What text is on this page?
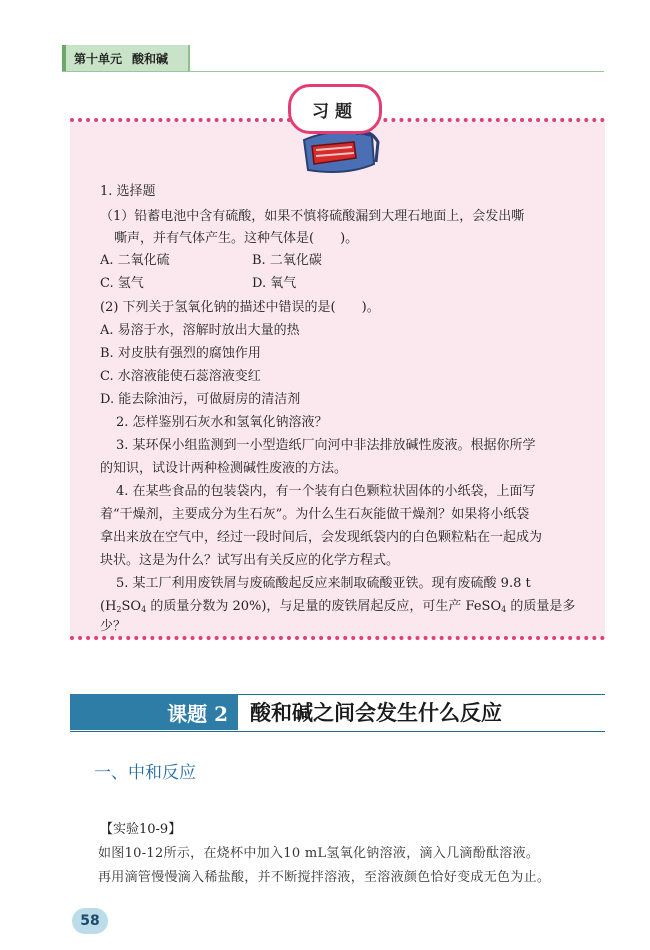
第十单元 酸和碱
习题
1. 选择题
（1）铅蓄电池中含有硫酸，如果不慎将硫酸漏到大理石地面上，会发出嘶
嘶声，并有气体产生。这种气体是(　　)。
A. 二氧化硫	B. 二氧化碳
C. 氢气	D. 氧气
(2) 下列关于氢氧化钠的描述中错误的是(　　)。
A. 易溶于水，溶解时放出大量的热
B. 对皮肤有强烈的腐蚀作用
C. 水溶液能使石蕊溶液变红
D. 能去除油污，可做厨房的清洁剂
2. 怎样鉴别石灰水和氢氧化钠溶液？
3. 某环保小组监测到一小型造纸厂向河中非法排放碱性废液。根据你所学
的知识，试设计两种检测碱性废液的方法。
4. 在某些食品的包装袋内，有一个装有白色颗粒状固体的小纸袋，上面写
着“干燥剂，主要成分为生石灰”。为什么生石灰能做干燥剂？如果将小纸袋
拿出来放在空气中，经过一段时间后，会发现纸袋内的白色颗粒粘在一起成为
块状。这是为什么？试写出有关反应的化学方程式。
5. 某工厂利用废铁屑与废硫酸起反应来制取硫酸亚铁。现有废硫酸 9.8 t
($H_2SO_4$ 的质量分数为 20%)，与足量的废铁屑起反应，可生产 FeSO$_4$ 的质量是多少？
课题 2	酸和碱之间会发生什么反应
一、中和反应
【实验10-9】
如图10-12所示，在烧杯中加入10 mL氢氧化钠溶液，滴入几滴酚酞溶液。
再用滴管慢慢滴入稀盐酸，并不断搅拌溶液，至溶液颜色恰好变成无色为止。
58
